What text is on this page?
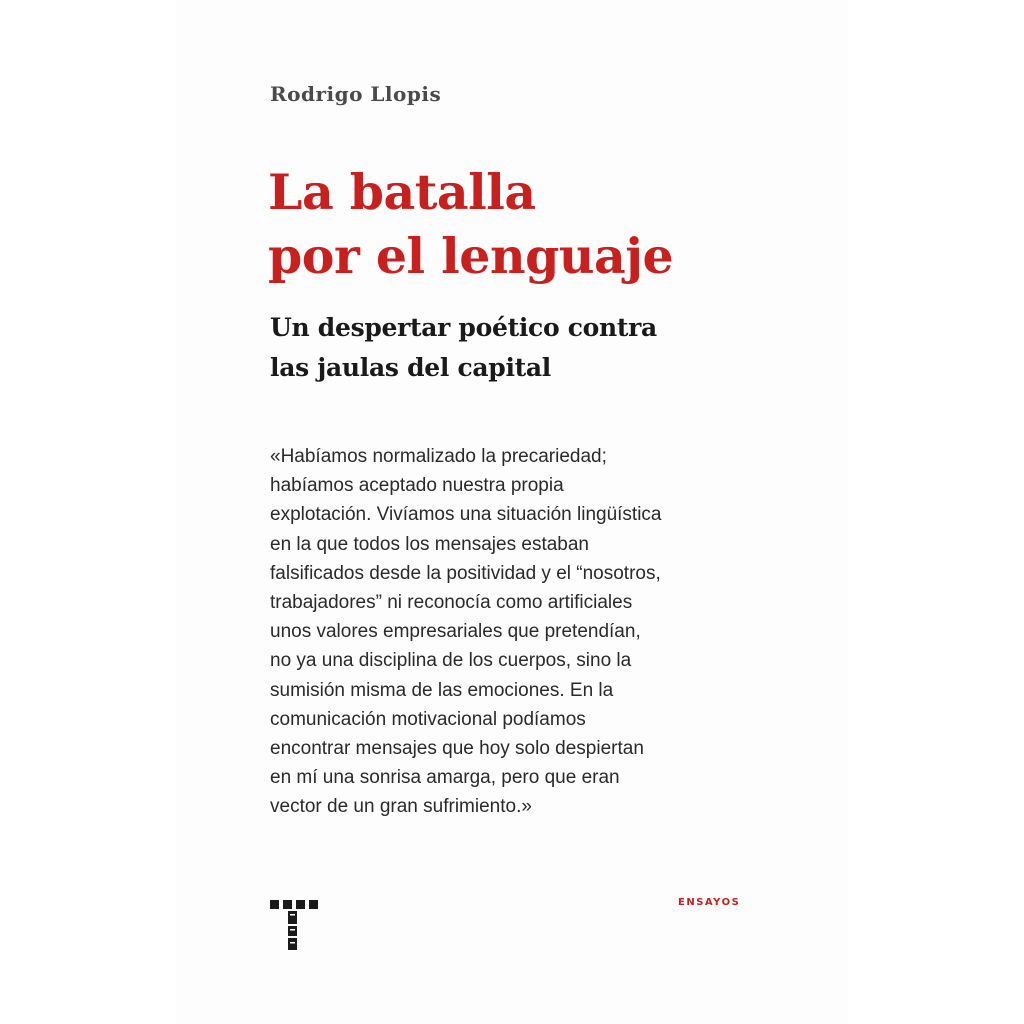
Rodrigo Llopis
La batalla
por el lenguaje
Un despertar poético contra
las jaulas del capital
«Habíamos normalizado la precariedad;
habíamos aceptado nuestra propia
explotación. Vivíamos una situación lingüística
en la que todos los mensajes estaban
falsificados desde la positividad y el “nosotros,
trabajadores” ni reconocía como artificiales
unos valores empresariales que pretendían,
no ya una disciplina de los cuerpos, sino la
sumisión misma de las emociones. En la
comunicación motivacional podíamos
encontrar mensajes que hoy solo despiertan
en mí una sonrisa amarga, pero que eran
vector de un gran sufrimiento.»
ENSAYOS
